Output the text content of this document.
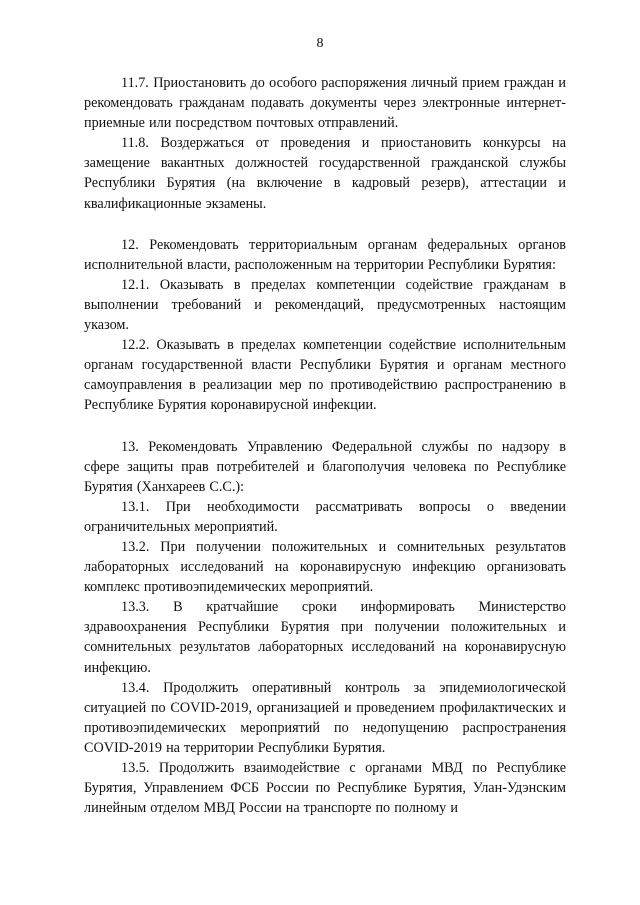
8

11.7. Приостановить до особого распоряжения личный прием граждан и рекомендовать гражданам подавать документы через электронные интернет-приемные или посредством почтовых отправлений.

11.8. Воздержаться от проведения и приостановить конкурсы на замещение вакантных должностей государственной гражданской службы Республики Бурятия (на включение в кадровый резерв), аттестации и квалификационные экзамены.

12. Рекомендовать территориальным органам федеральных органов исполнительной власти, расположенным на территории Республики Бурятия:

12.1. Оказывать в пределах компетенции содействие гражданам в выполнении требований и рекомендаций, предусмотренных настоящим указом.

12.2. Оказывать в пределах компетенции содействие исполнительным органам государственной власти Республики Бурятия и органам местного самоуправления в реализации мер по противодействию распространению в Республике Бурятия коронавирусной инфекции.

13. Рекомендовать Управлению Федеральной службы по надзору в сфере защиты прав потребителей и благополучия человека по Республике Бурятия (Ханхареев С.С.):

13.1. При необходимости рассматривать вопросы о введении ограничительных мероприятий.

13.2. При получении положительных и сомнительных результатов лабораторных исследований на коронавирусную инфекцию организовать комплекс противоэпидемических мероприятий.

13.3. В кратчайшие сроки информировать Министерство здравоохранения Республики Бурятия при получении положительных и сомнительных результатов лабораторных исследований на коронавирусную инфекцию.

13.4. Продолжить оперативный контроль за эпидемиологической ситуацией по COVID-2019, организацией и проведением профилактических и противоэпидемических мероприятий по недопущению распространения COVID-2019 на территории Республики Бурятия.

13.5. Продолжить взаимодействие с органами МВД по Республике Бурятия, Управлением ФСБ России по Республике Бурятия, Улан-Удэнским линейным отделом МВД России на транспорте по полному и
